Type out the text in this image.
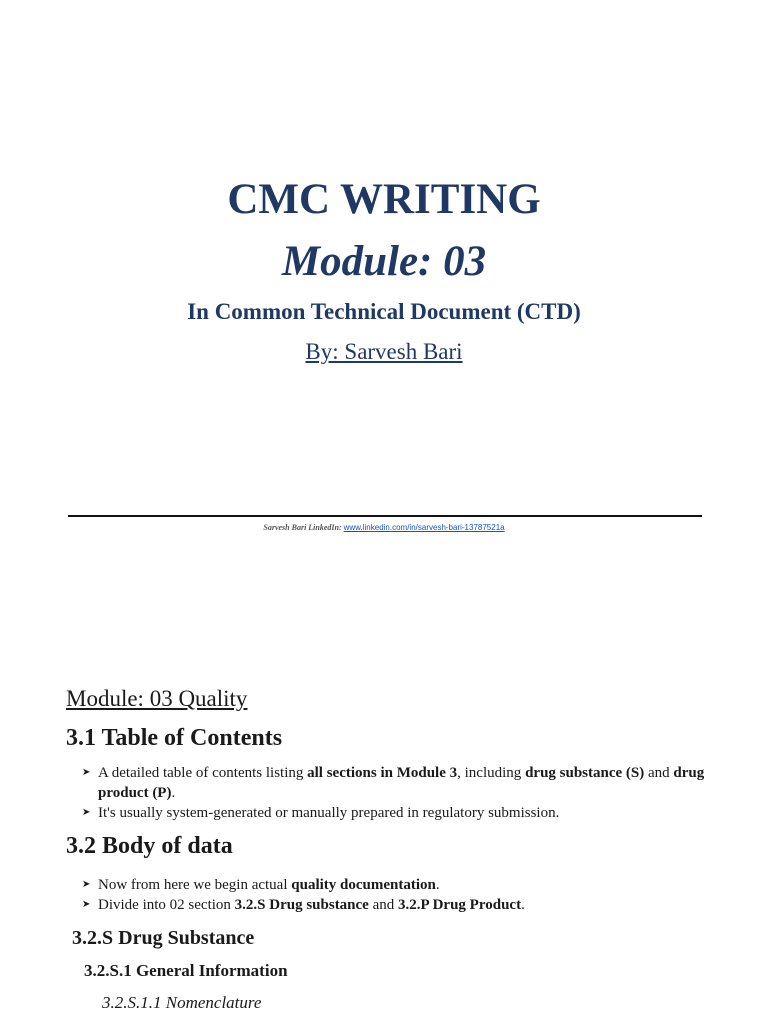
CMC WRITING
Module: 03
In Common Technical Document (CTD)
By: Sarvesh Bari
Sarvesh Bari LinkedIn: www.linkedin.com/in/sarvesh-bari-13787521a
Module: 03 Quality
3.1 Table of Contents
➤ A detailed table of contents listing all sections in Module 3, including drug substance (S) and drug product (P).
➤ It's usually system-generated or manually prepared in regulatory submission.
3.2 Body of data
➤ Now from here we begin actual quality documentation.
➤ Divide into 02 section 3.2.S Drug substance and 3.2.P Drug Product.
3.2.S Drug Substance
3.2.S.1 General Information
3.2.S.1.1 Nomenclature
